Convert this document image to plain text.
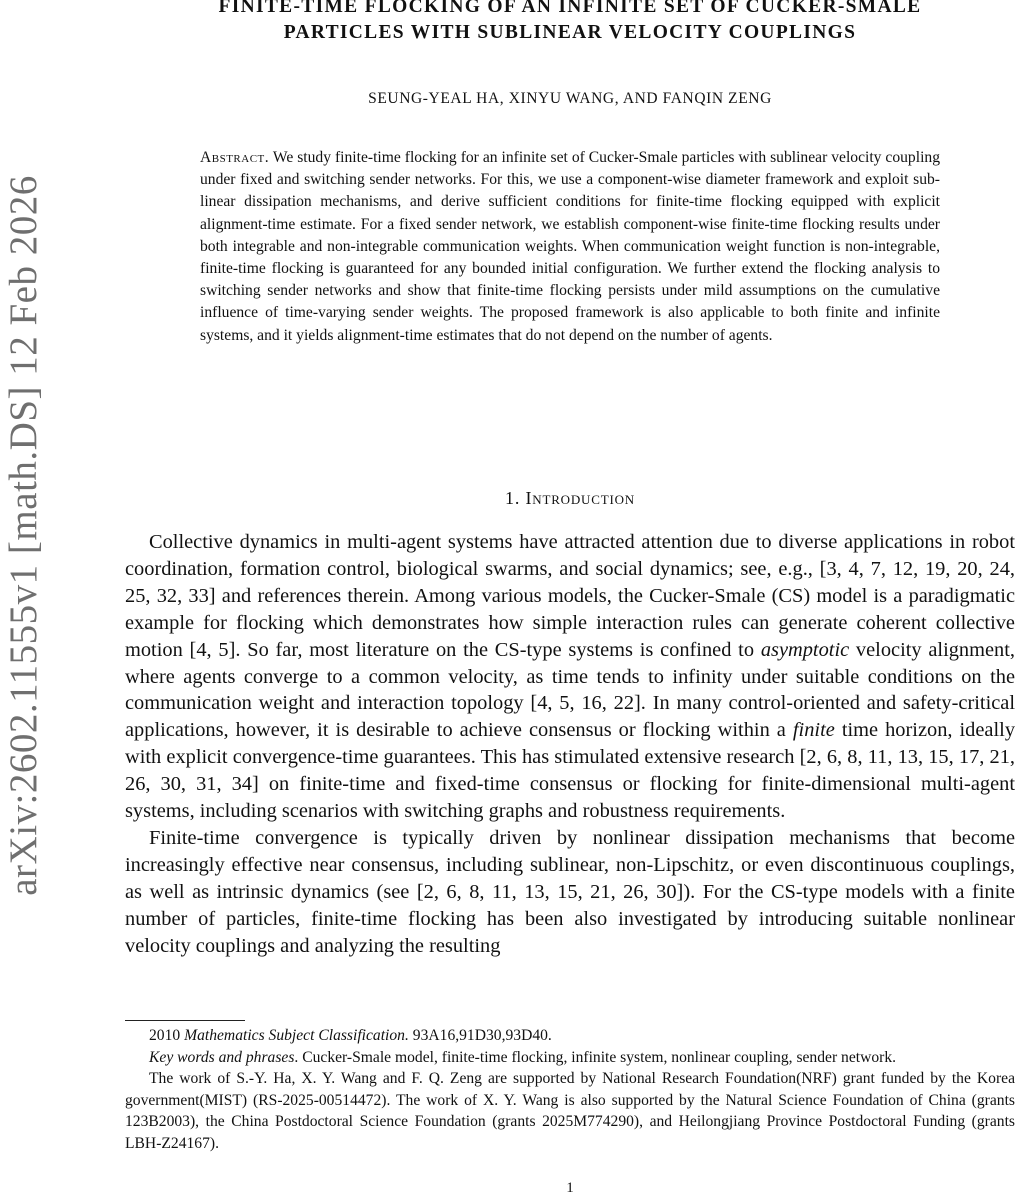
arXiv:2602.11555v1 [math.DS] 12 Feb 2026
FINITE-TIME FLOCKING OF AN INFINITE SET OF CUCKER-SMALE
PARTICLES WITH SUBLINEAR VELOCITY COUPLINGS
SEUNG-YEAL HA, XINYU WANG, AND FANQIN ZENG
Abstract. We study finite-time flocking for an infinite set of Cucker-Smale particles with sublinear velocity coupling under fixed and switching sender networks. For this, we use a component-wise diameter framework and exploit sub-linear dissipation mechanisms, and derive sufficient conditions for finite-time flocking equipped with explicit alignment-time estimate. For a fixed sender network, we establish component-wise finite-time flocking results under both integrable and non-integrable communication weights. When communication weight function is non-integrable, finite-time flocking is guaranteed for any bounded initial configuration. We further extend the flocking analysis to switching sender networks and show that finite-time flocking persists under mild assumptions on the cumulative influence of time-varying sender weights. The proposed framework is also applicable to both finite and infinite systems, and it yields alignment-time estimates that do not depend on the number of agents.
1. Introduction

Collective dynamics in multi-agent systems have attracted attention due to diverse applications in robot coordination, formation control, biological swarms, and social dynamics; see, e.g., [3, 4, 7, 12, 19, 20, 24, 25, 32, 33] and references therein. Among various models, the Cucker-Smale (CS) model is a paradigmatic example for flocking which demonstrates how simple interaction rules can generate coherent collective motion [4, 5]. So far, most literature on the CS-type systems is confined to asymptotic velocity alignment, where agents converge to a common velocity, as time tends to infinity under suitable conditions on the communication weight and interaction topology [4, 5, 16, 22]. In many control-oriented and safety-critical applications, however, it is desirable to achieve consensus or flocking within a finite time horizon, ideally with explicit convergence-time guarantees. This has stimulated extensive research [2, 6, 8, 11, 13, 15, 17, 21, 26, 30, 31, 34] on finite-time and fixed-time consensus or flocking for finite-dimensional multi-agent systems, including scenarios with switching graphs and robustness requirements.

Finite-time convergence is typically driven by nonlinear dissipation mechanisms that become increasingly effective near consensus, including sublinear, non-Lipschitz, or even discontinuous couplings, as well as intrinsic dynamics (see [2, 6, 8, 11, 13, 15, 21, 26, 30]). For the CS-type models with a finite number of particles, finite-time flocking has been also investigated by introducing suitable nonlinear velocity couplings and analyzing the resulting

2010 Mathematics Subject Classification. 93A16,91D30,93D40.

Key words and phrases. Cucker-Smale model, finite-time flocking, infinite system, nonlinear coupling, sender network.

The work of S.-Y. Ha, X. Y. Wang and F. Q. Zeng are supported by National Research Foundation(NRF) grant funded by the Korea government(MIST) (RS-2025-00514472). The work of X. Y. Wang is also supported by the Natural Science Foundation of China (grants 123B2003), the China Postdoctoral Science Foundation (grants 2025M774290), and Heilongjiang Province Postdoctoral Funding (grants LBH-Z24167).

1
